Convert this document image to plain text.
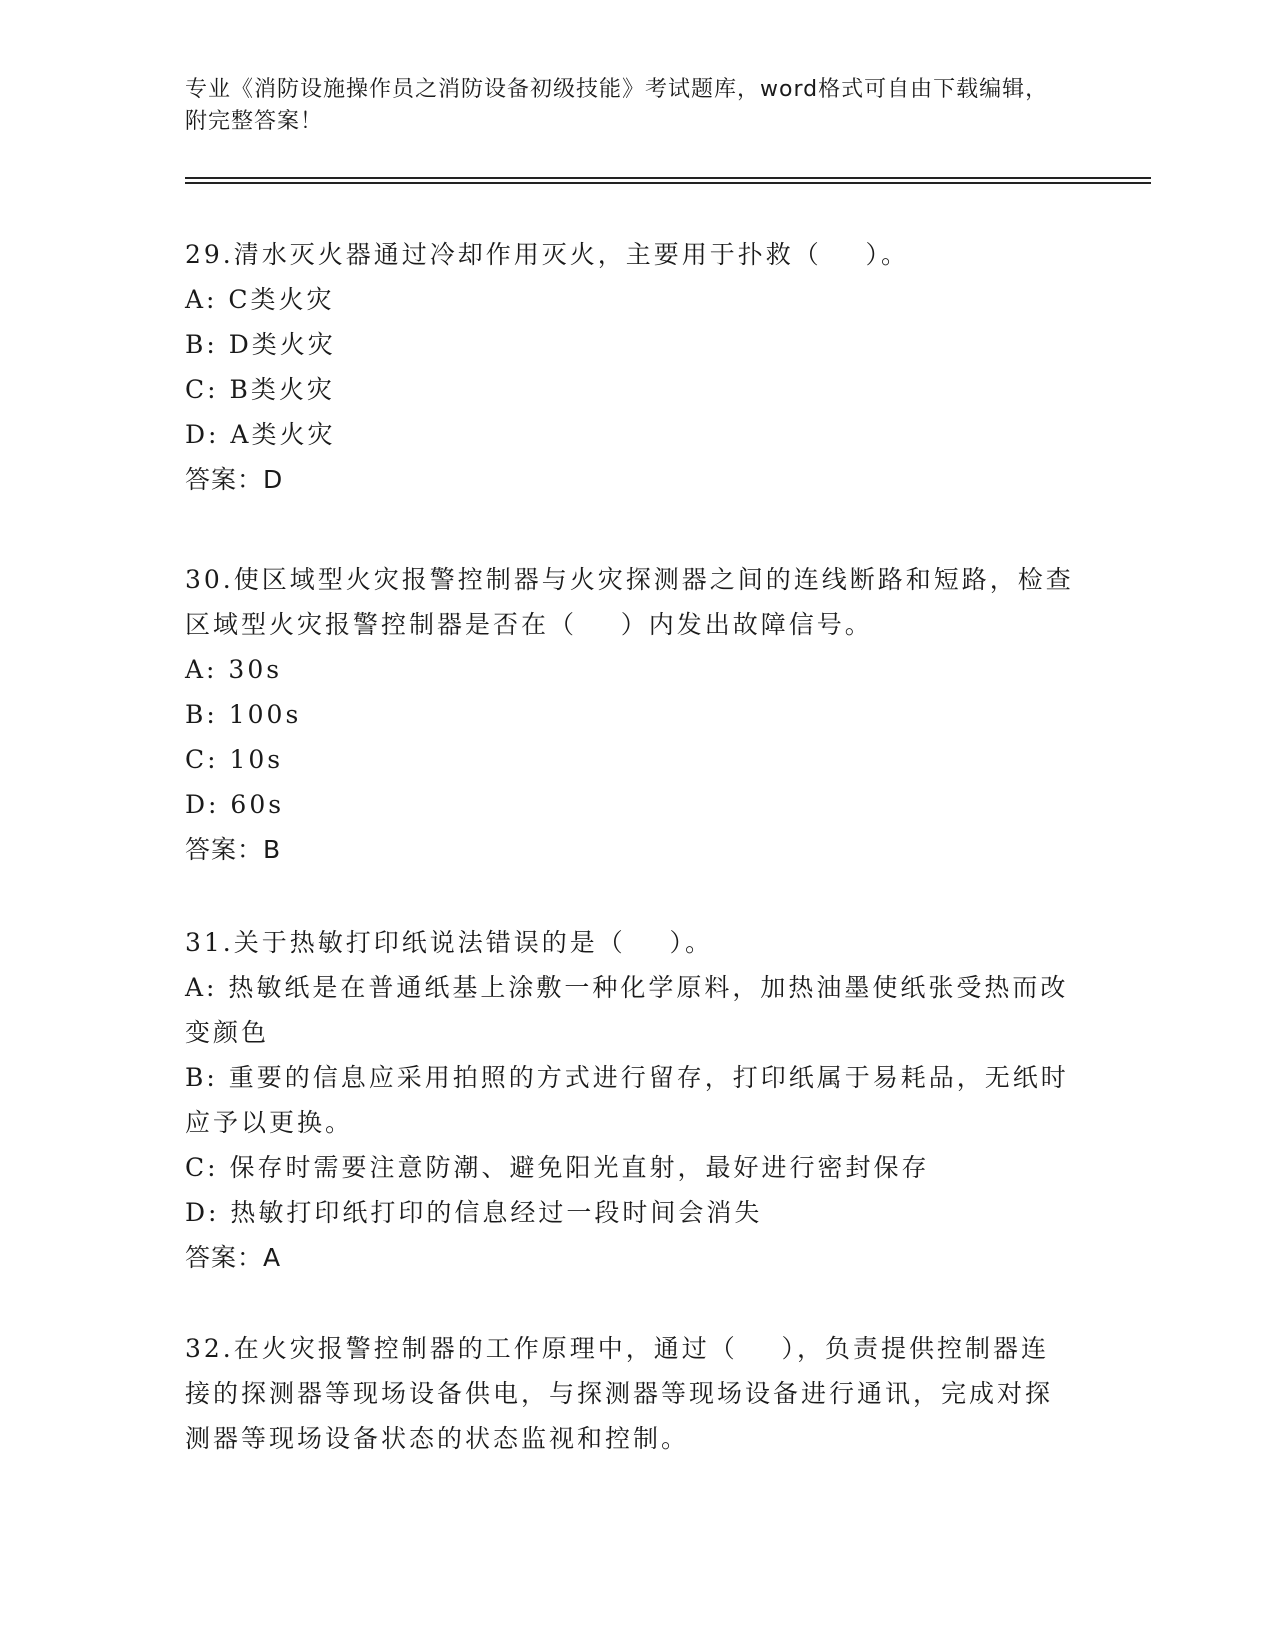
专业《消防设施操作员之消防设备初级技能》考试题库，word格式可自由下载编辑，附完整答案！
29.清水灭火器通过冷却作用灭火，主要用于扑救（    ）。
A: C类火灾
B: D类火灾
C: B类火灾
D: A类火灾
答案：D
30.使区域型火灾报警控制器与火灾探测器之间的连线断路和短路，检查区域型火灾报警控制器是否在（    ）内发出故障信号。
A: 30s
B: 100s
C: 10s
D: 60s
答案：B
31.关于热敏打印纸说法错误的是（    ）。
A: 热敏纸是在普通纸基上涂敷一种化学原料，加热油墨使纸张受热而改变颜色
B: 重要的信息应采用拍照的方式进行留存，打印纸属于易耗品，无纸时应予以更换。
C: 保存时需要注意防潮、避免阳光直射，最好进行密封保存
D: 热敏打印纸打印的信息经过一段时间会消失
答案：A
32.在火灾报警控制器的工作原理中，通过（    ），负责提供控制器连接的探测器等现场设备供电，与探测器等现场设备进行通讯，完成对探测器等现场设备状态的状态监视和控制。
